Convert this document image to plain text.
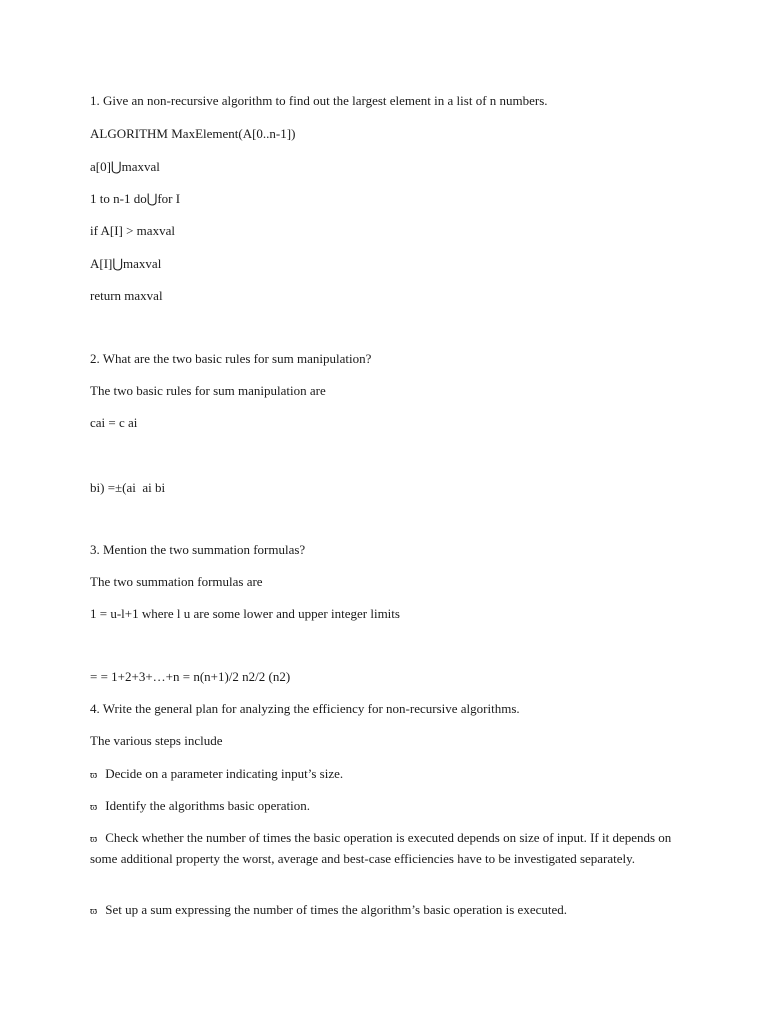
1. Give an non-recursive algorithm to find out the largest element in a list of n numbers.
ALGORITHM MaxElement(A[0..n-1])
a[0]⋃maxval
1 to n-1 do⋃for I
if A[I] > maxval
A[I]⋃maxval
return maxval
2. What are the two basic rules for sum manipulation?
The two basic rules for sum manipulation are
cai = c ai
bi) =±(ai  ai bi
3. Mention the two summation formulas?
The two summation formulas are
1 = u-l+1 where l u are some lower and upper integer limits
= = 1+2+3+…+n = n(n+1)/2 n2/2 (n2)
4. Write the general plan for analyzing the efficiency for non-recursive algorithms.
The various steps include
ϖ Decide on a parameter indicating input’s size.
ϖ Identify the algorithms basic operation.
ϖ Check whether the number of times the basic operation is executed depends on size of input. If it depends on some additional property the worst, average and best-case efficiencies have to be investigated separately.
ϖ Set up a sum expressing the number of times the algorithm’s basic operation is executed.
